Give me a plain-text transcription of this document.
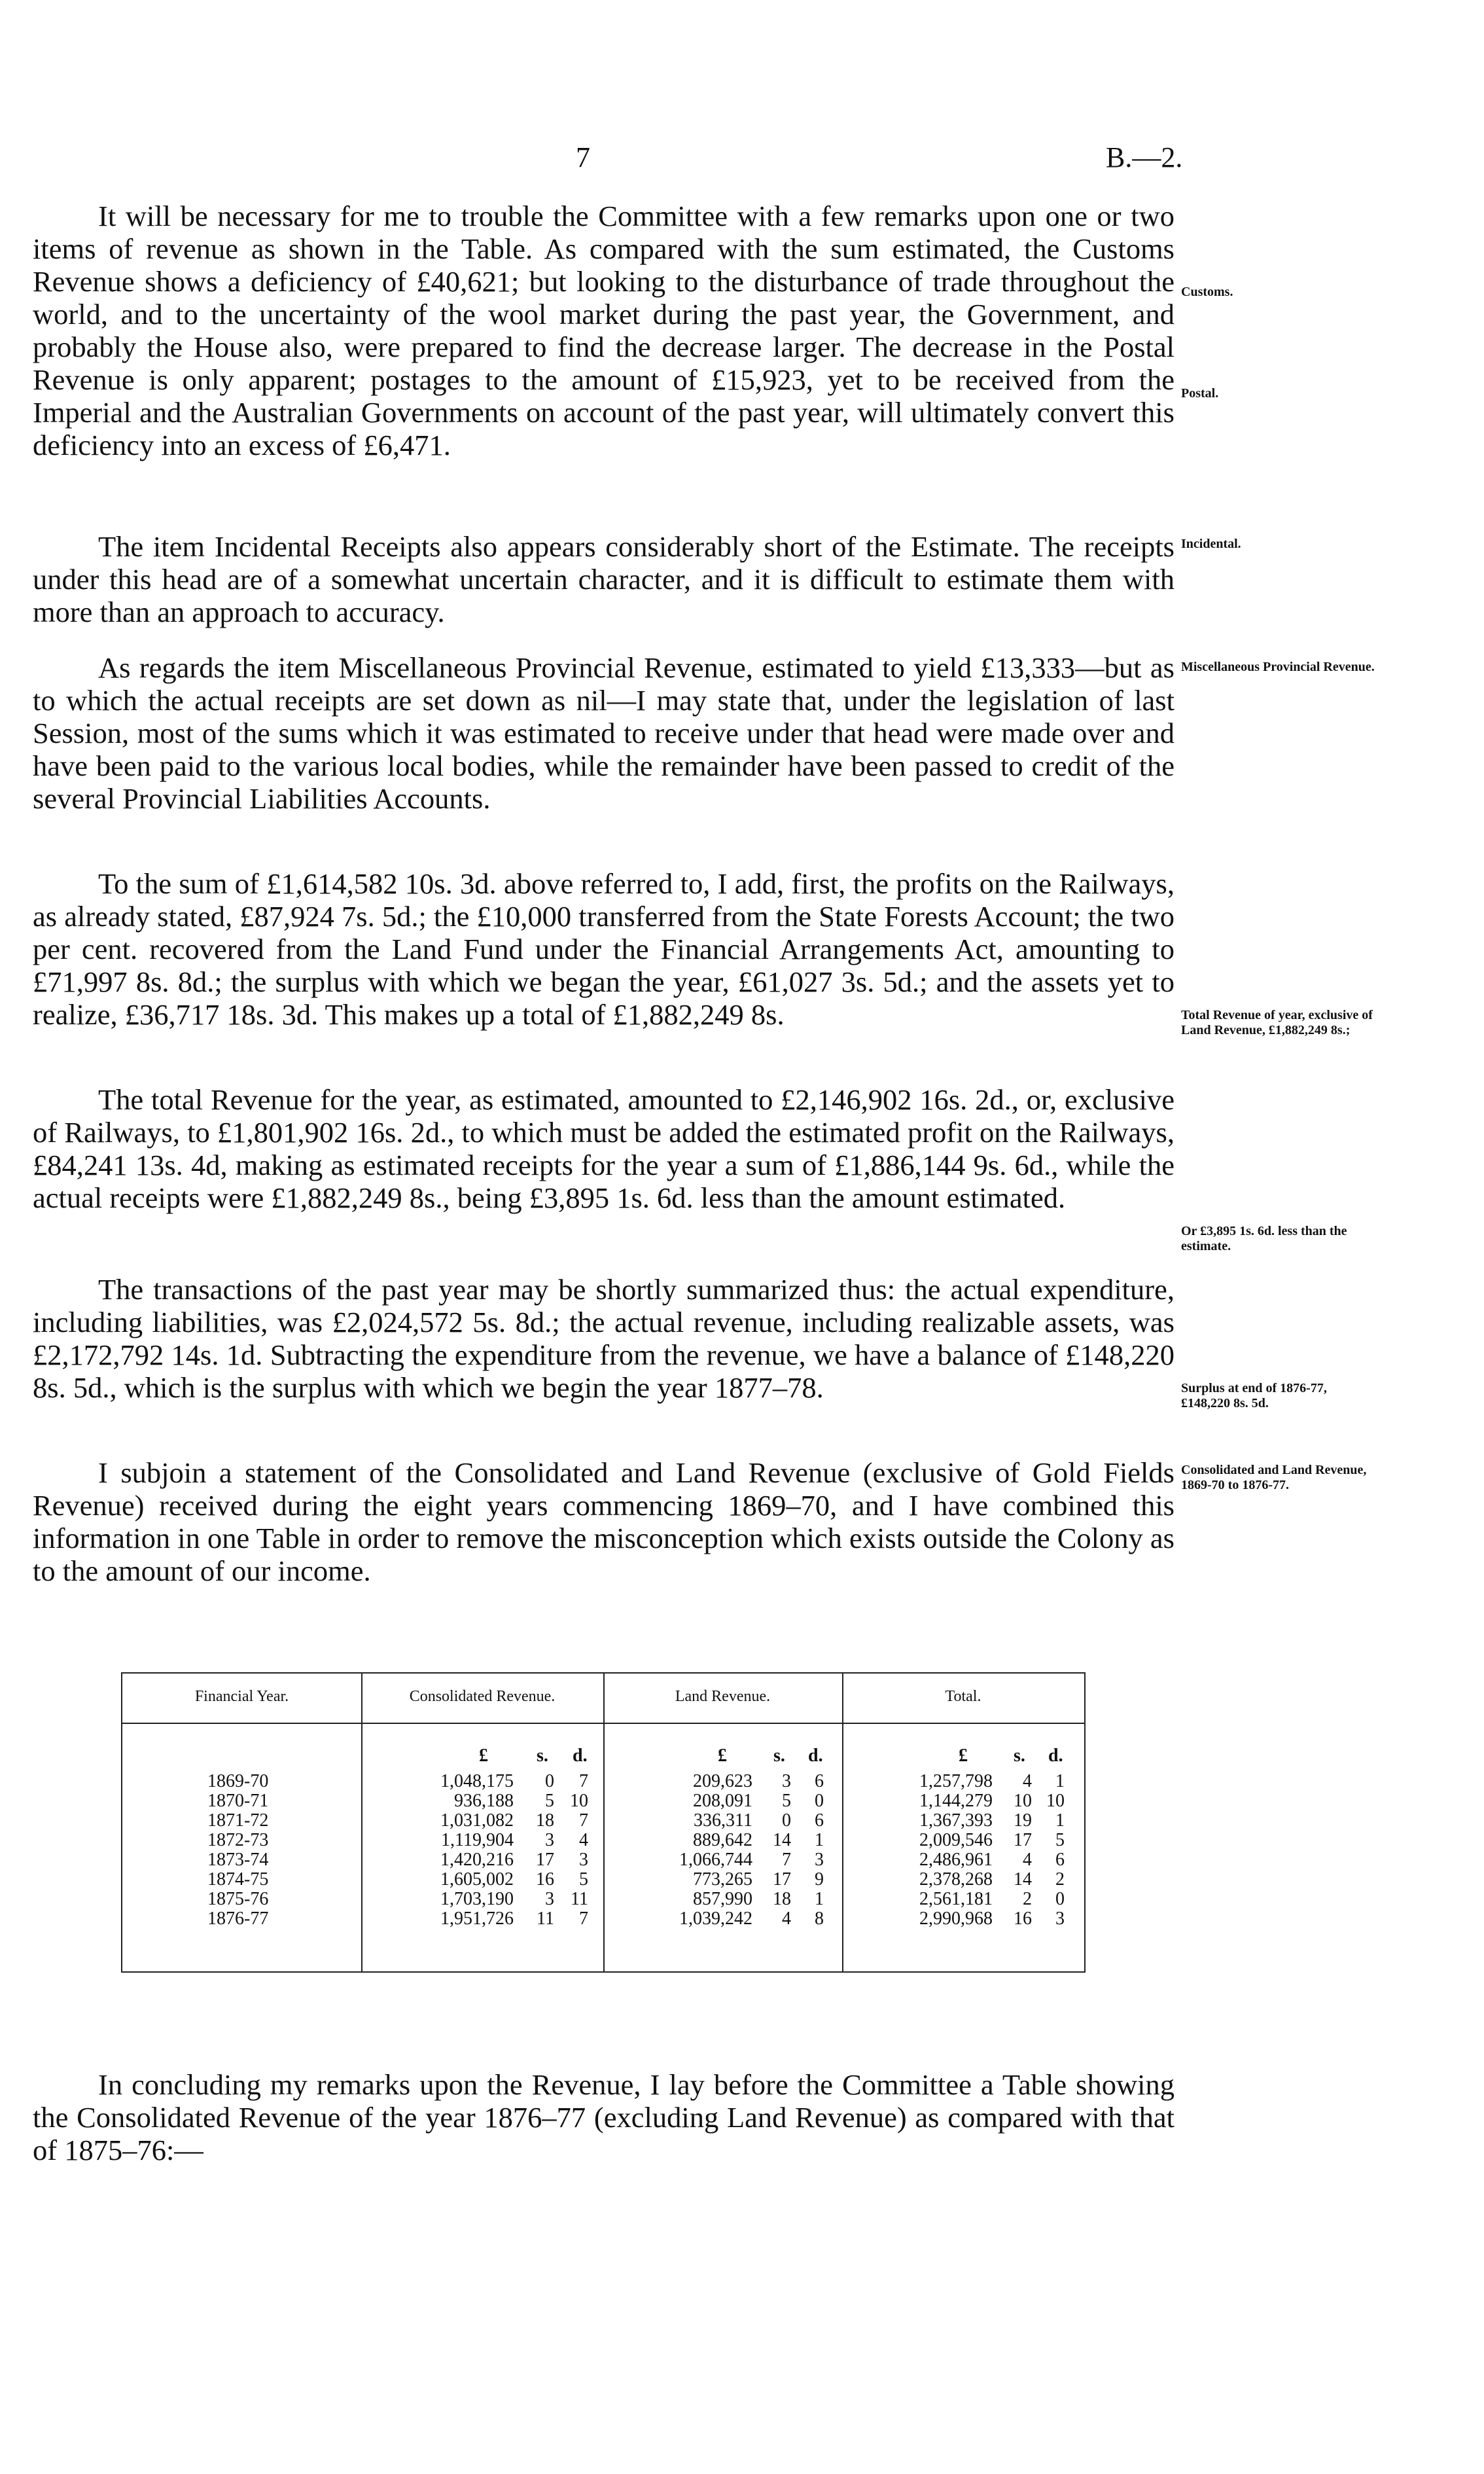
7	B.—2.

It will be necessary for me to trouble the Committee with a few remarks upon one or two items of revenue as shown in the Table. As compared with the sum estimated, the Customs Revenue shows a deficiency of £40,621; but looking to the disturbance of trade throughout the world, and to the uncertainty of the wool market during the past year, the Government, and probably the House also, were prepared to find the decrease larger. The decrease in the Postal Revenue is only apparent; postages to the amount of £15,923, yet to be received from the Imperial and the Australian Governments on account of the past year, will ultimately convert this deficiency into an excess of £6,471.

The item Incidental Receipts also appears considerably short of the Estimate. The receipts under this head are of a somewhat uncertain character, and it is difficult to estimate them with more than an approach to accuracy.

As regards the item Miscellaneous Provincial Revenue, estimated to yield £13,333—but as to which the actual receipts are set down as nil—I may state that, under the legislation of last Session, most of the sums which it was estimated to receive under that head were made over and have been paid to the various local bodies, while the remainder have been passed to credit of the several Provincial Liabilities Accounts.

To the sum of £1,614,582 10s. 3d. above referred to, I add, first, the profits on the Railways, as already stated, £87,924 7s. 5d.; the £10,000 transferred from the State Forests Account; the two per cent. recovered from the Land Fund under the Financial Arrangements Act, amounting to £71,997 8s. 8d.; the surplus with which we began the year, £61,027 3s. 5d.; and the assets yet to realize, £36,717 18s. 3d. This makes up a total of £1,882,249 8s.

The total Revenue for the year, as estimated, amounted to £2,146,902 16s. 2d., or, exclusive of Railways, to £1,801,902 16s. 2d., to which must be added the estimated profit on the Railways, £84,241 13s. 4d, making as estimated receipts for the year a sum of £1,886,144 9s. 6d., while the actual receipts were £1,882,249 8s., being £3,895 1s. 6d. less than the amount estimated.

The transactions of the past year may be shortly summarized thus: the actual expenditure, including liabilities, was £2,024,572 5s. 8d.; the actual revenue, including realizable assets, was £2,172,792 14s. 1d. Subtracting the expenditure from the revenue, we have a balance of £148,220 8s. 5d., which is the surplus with which we begin the year 1877–78.

I subjoin a statement of the Consolidated and Land Revenue (exclusive of Gold Fields Revenue) received during the eight years commencing 1869–70, and I have combined this information in one Table in order to remove the misconception which exists outside the Colony as to the amount of our income.

In concluding my remarks upon the Revenue, I lay before the Committee a Table showing the Consolidated Revenue of the year 1876–77 (excluding Land Revenue) as compared with that of 1875–76:—

Customs.
Postal.
Incidental.
Miscellaneous Provincial Revenue.
Total Revenue of year, exclusive of Land Revenue, £1,882,249 8s.;
Or £3,895 1s. 6d. less than the estimate.
Surplus at end of 1876-77, £148,220 8s. 5d.
Consolidated and Land Revenue, 1869-70 to 1876-77.
Financial Year.	Consolidated Revenue.	Land Revenue.	Total.
£	s. d.	£	s. d.	£	s. d.
1869-70	1,048,175	0	7	209,623	3	6	1,257,798	4	1
1870-71	936,188	5 10	208,091	5	0	1,144,279	10 10
1871-72	1,031,082	18	7	336,311	0	6	1,367,393	19	1
1872-73	1,119,904	3	4	889,642	14	1	2,009,546	17	5
1873-74	1,420,216	17	3	1,066,744	7	3	2,486,961	4	6
1874-75	1,605,002	16	5	773,265	17	9	2,378,268	14	2
1875-76	1,703,190	3 11	857,990	18	1	2,561,181	2	0
1876-77	1,951,726	11	7	1,039,242	4	8	2,990,968	16	3
